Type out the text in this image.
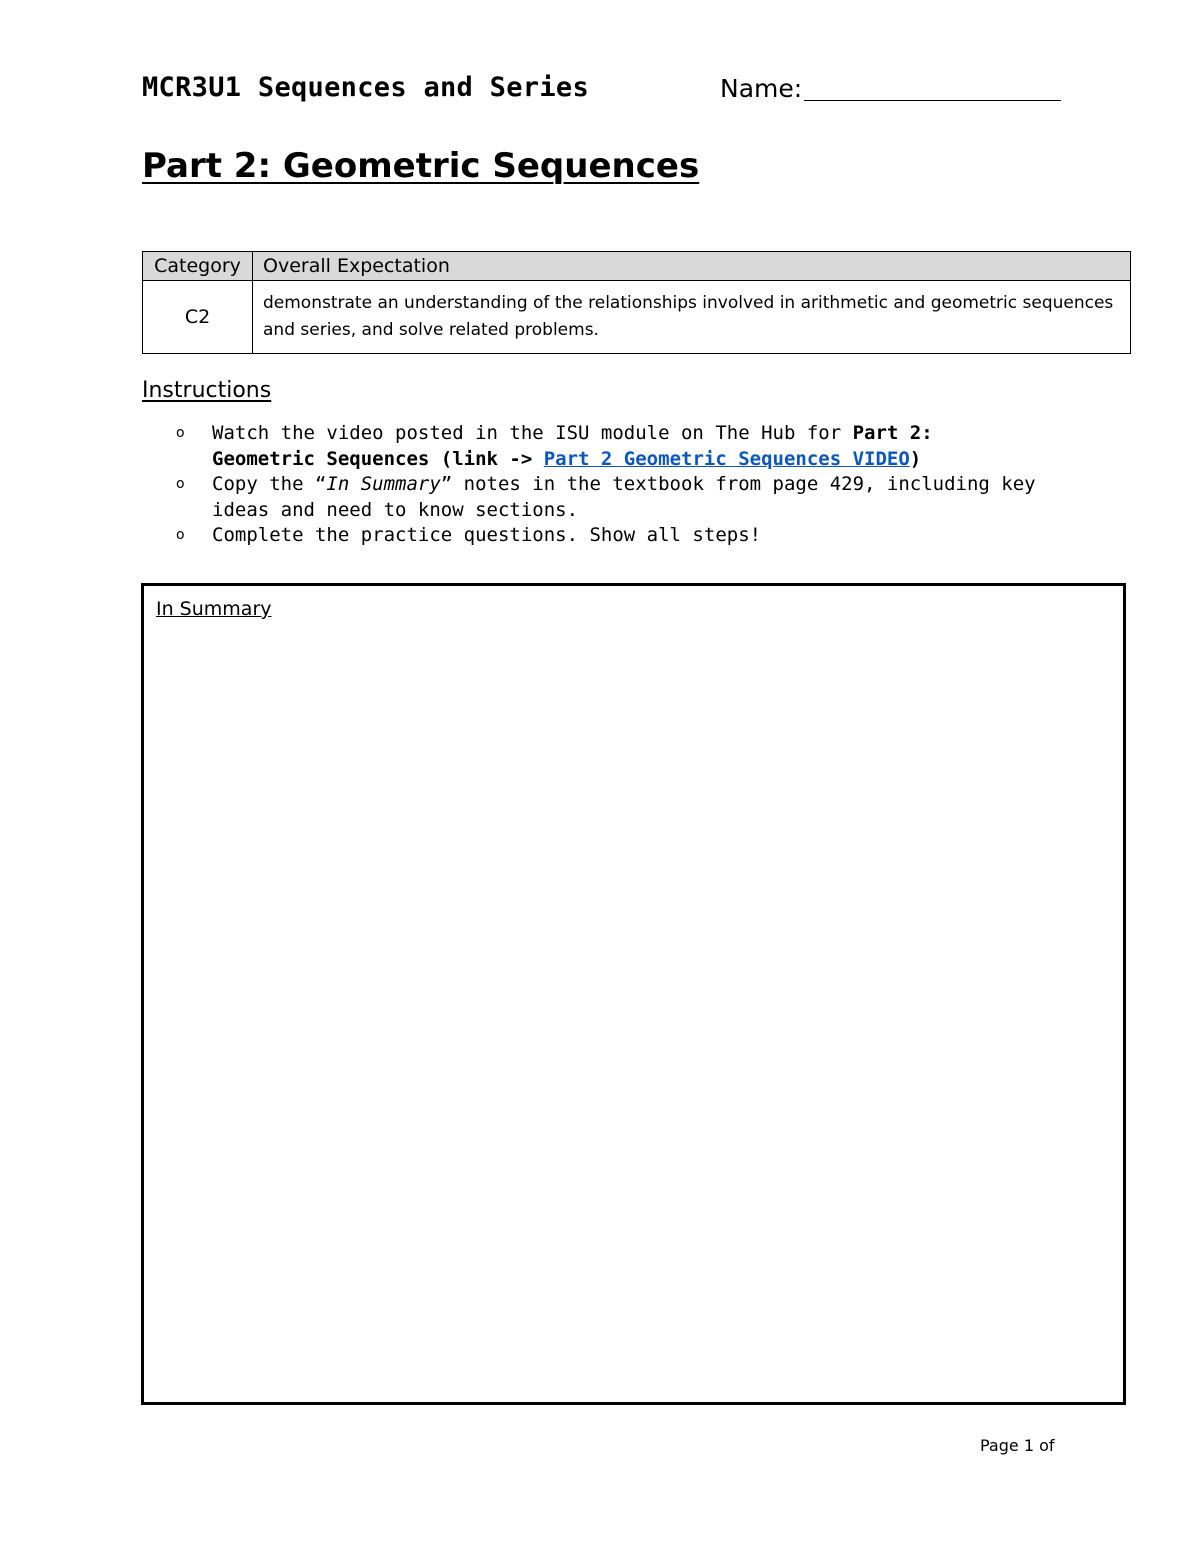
MCR3U1 Sequences and Series	Name:
Part 2: Geometric Sequences
Category	Overall Expectation
C2	demonstrate an understanding of the relationships involved in arithmetic and geometric sequences and series, and solve related problems.
Instructions
o Watch the video posted in the ISU module on The Hub for Part 2: Geometric Sequences (link -> Part 2 Geometric Sequences VIDEO)
o Copy the “In Summary” notes in the textbook from page 429, including key ideas and need to know sections.
o Complete the practice questions. Show all steps!
In Summary
Page 1 of
